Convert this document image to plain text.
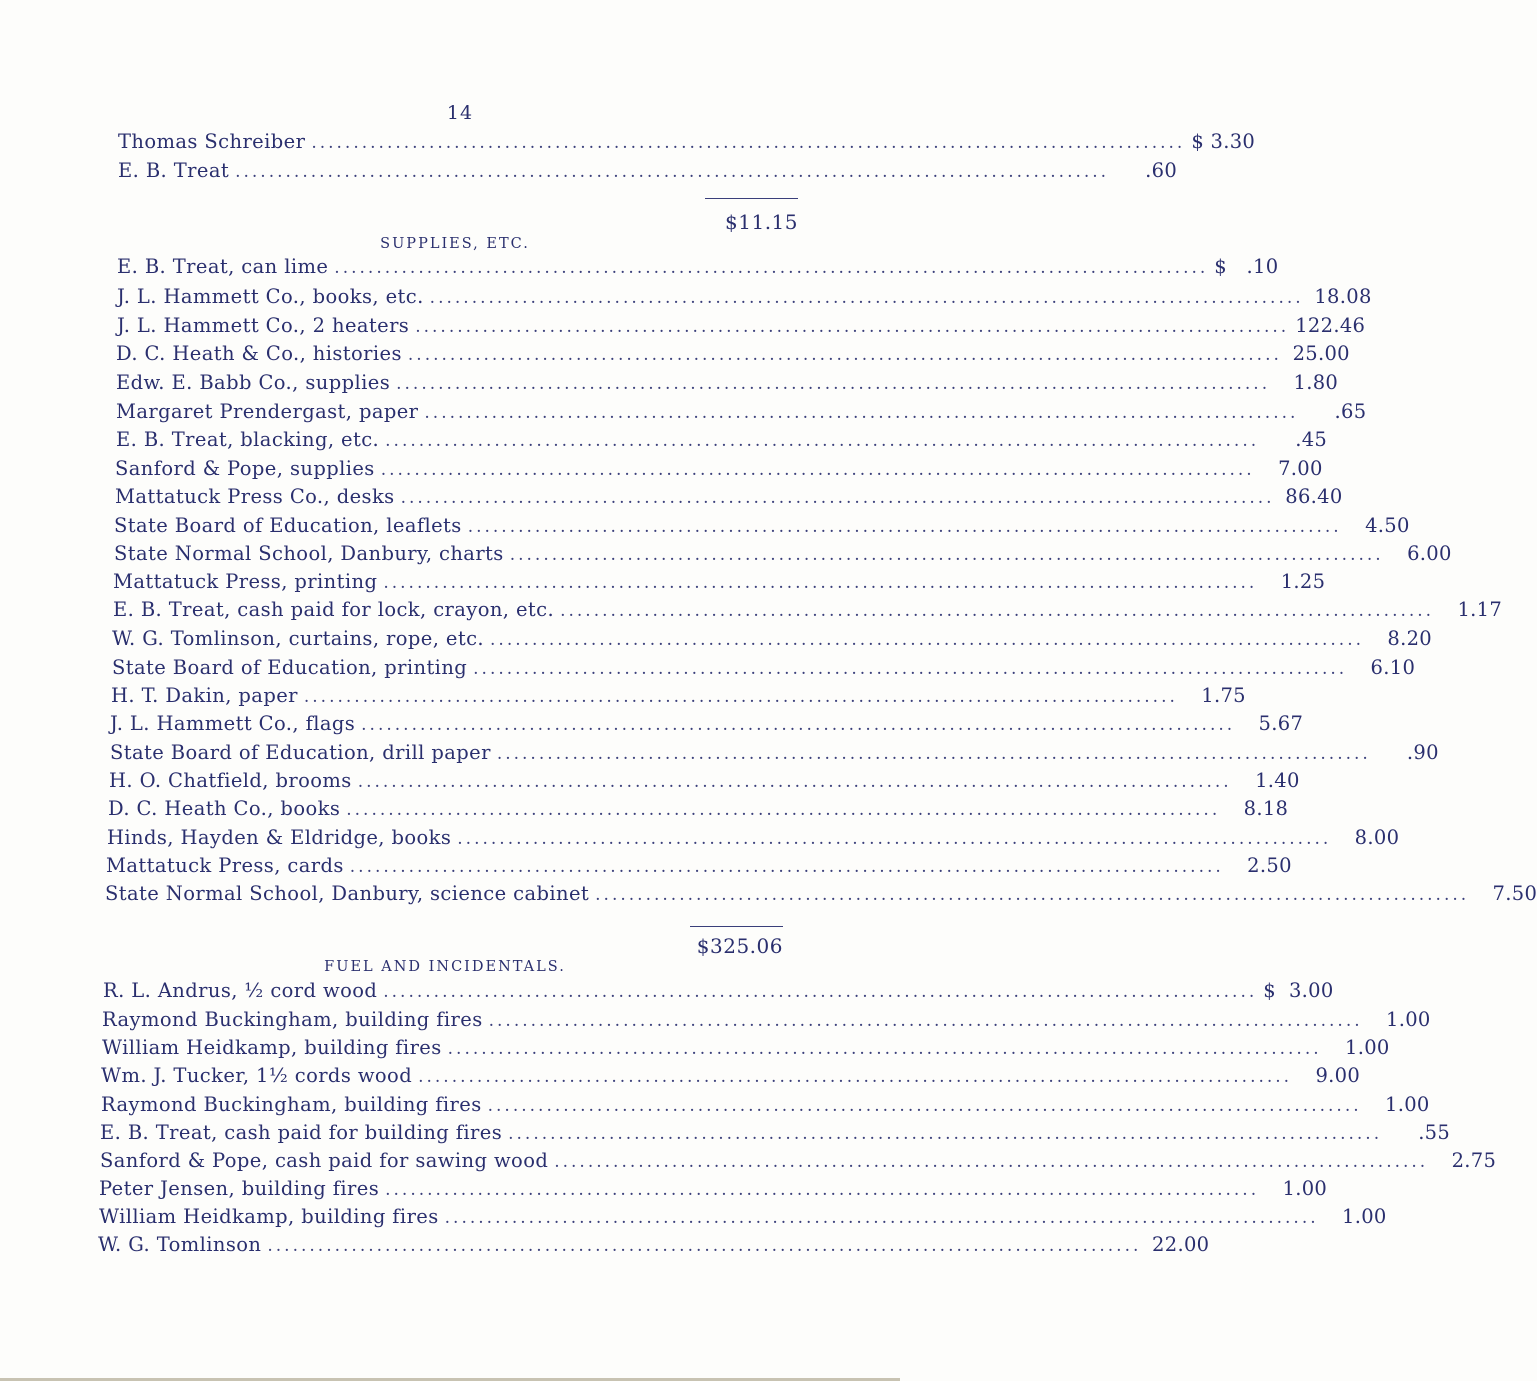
14
Thomas Schreiber ........................................................................................................ $ 3.30
E. B. Treat ........................................................................................................	.60
$11.15
SUPPLIES, ETC.
E. B. Treat, can lime ........................................................................................................ $   .10
J. L. Hammett Co., books, etc. ........................................................................................................ 18.08
J. L. Hammett Co., 2 heaters ........................................................................................................ 122.46
D. C. Heath & Co., histories ........................................................................................................ 25.00
Edw. E. Babb Co., supplies ........................................................................................................	1.80
Margaret Prendergast, paper ........................................................................................................	.65
E. B. Treat, blacking, etc. ........................................................................................................	.45
Sanford & Pope, supplies ........................................................................................................	7.00
Mattatuck Press Co., desks ........................................................................................................ 86.40
State Board of Education, leaflets ........................................................................................................	4.50
State Normal School, Danbury, charts ........................................................................................................	6.00
Mattatuck Press, printing ........................................................................................................	1.25
E. B. Treat, cash paid for lock, crayon, etc. ........................................................................................................	1.17
W. G. Tomlinson, curtains, rope, etc. ........................................................................................................	8.20
State Board of Education, printing ........................................................................................................	6.10
H. T. Dakin, paper ........................................................................................................	1.75
J. L. Hammett Co., flags ........................................................................................................	5.67
State Board of Education, drill paper ........................................................................................................	.90
H. O. Chatfield, brooms ........................................................................................................	1.40
D. C. Heath Co., books ........................................................................................................	8.18
Hinds, Hayden & Eldridge, books ........................................................................................................	8.00
Mattatuck Press, cards ........................................................................................................	2.50
State Normal School, Danbury, science cabinet ........................................................................................................	7.50
$325.06
FUEL AND INCIDENTALS.
R. L. Andrus, ½ cord wood ........................................................................................................ $  3.00
Raymond Buckingham, building fires ........................................................................................................	1.00
William Heidkamp, building fires ........................................................................................................	1.00
Wm. J. Tucker, 1½ cords wood ........................................................................................................	9.00
Raymond Buckingham, building fires ........................................................................................................	1.00
E. B. Treat, cash paid for building fires ........................................................................................................	.55
Sanford & Pope, cash paid for sawing wood ........................................................................................................	2.75
Peter Jensen, building fires ........................................................................................................	1.00
William Heidkamp, building fires ........................................................................................................	1.00
W. G. Tomlinson ........................................................................................................ 22.00
